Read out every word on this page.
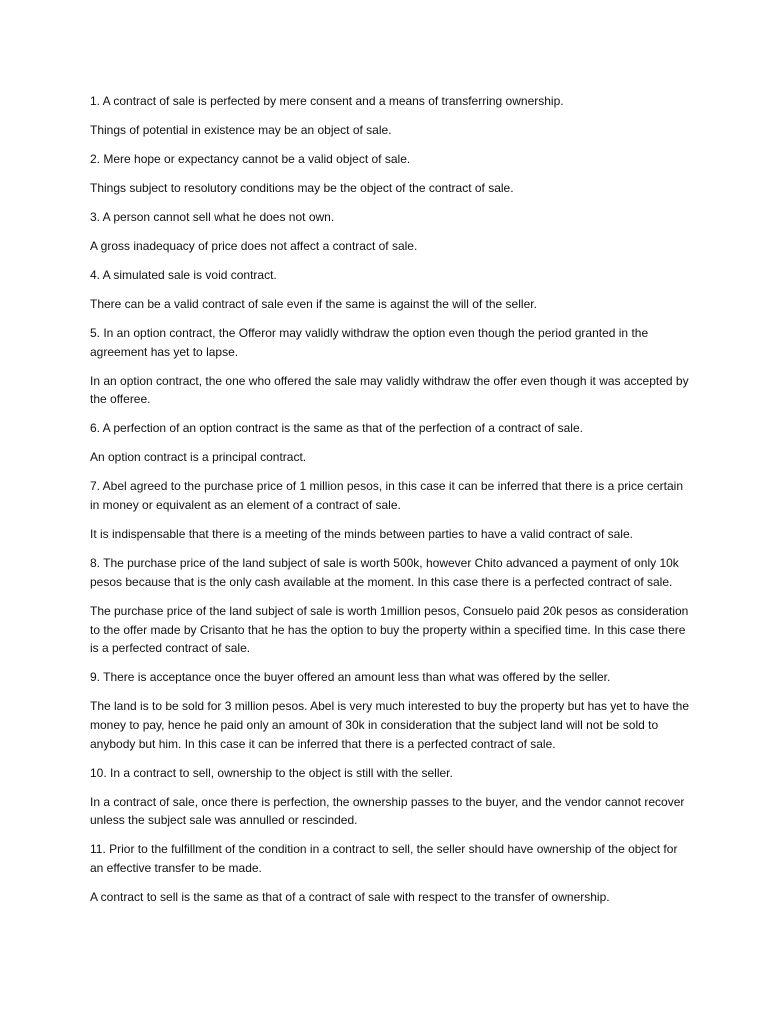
1. A contract of sale is perfected by mere consent and a means of transferring ownership.

Things of potential in existence may be an object of sale.

2. Mere hope or expectancy cannot be a valid object of sale.

Things subject to resolutory conditions may be the object of the contract of sale.

3. A person cannot sell what he does not own.

A gross inadequacy of price does not affect a contract of sale.

4. A simulated sale is void contract.

There can be a valid contract of sale even if the same is against the will of the seller.

5. In an option contract, the Offeror may validly withdraw the option even though the period granted in the agreement has yet to lapse.

In an option contract, the one who offered the sale may validly withdraw the offer even though it was accepted by the offeree.

6. A perfection of an option contract is the same as that of the perfection of a contract of sale.

An option contract is a principal contract.

7. Abel agreed to the purchase price of 1 million pesos, in this case it can be inferred that there is a price certain in money or equivalent as an element of a contract of sale.

It is indispensable that there is a meeting of the minds between parties to have a valid contract of sale.

8. The purchase price of the land subject of sale is worth 500k, however Chito advanced a payment of only 10k pesos because that is the only cash available at the moment. In this case there is a perfected contract of sale.

The purchase price of the land subject of sale is worth 1million pesos, Consuelo paid 20k pesos as consideration to the offer made by Crisanto that he has the option to buy the property within a specified time. In this case there is a perfected contract of sale.

9. There is acceptance once the buyer offered an amount less than what was offered by the seller.

The land is to be sold for 3 million pesos. Abel is very much interested to buy the property but has yet to have the money to pay, hence he paid only an amount of 30k in consideration that the subject land will not be sold to anybody but him. In this case it can be inferred that there is a perfected contract of sale.

10. In a contract to sell, ownership to the object is still with the seller.

In a contract of sale, once there is perfection, the ownership passes to the buyer, and the vendor cannot recover unless the subject sale was annulled or rescinded.

11. Prior to the fulfillment of the condition in a contract to sell, the seller should have ownership of the object for an effective transfer to be made.

A contract to sell is the same as that of a contract of sale with respect to the transfer of ownership.
